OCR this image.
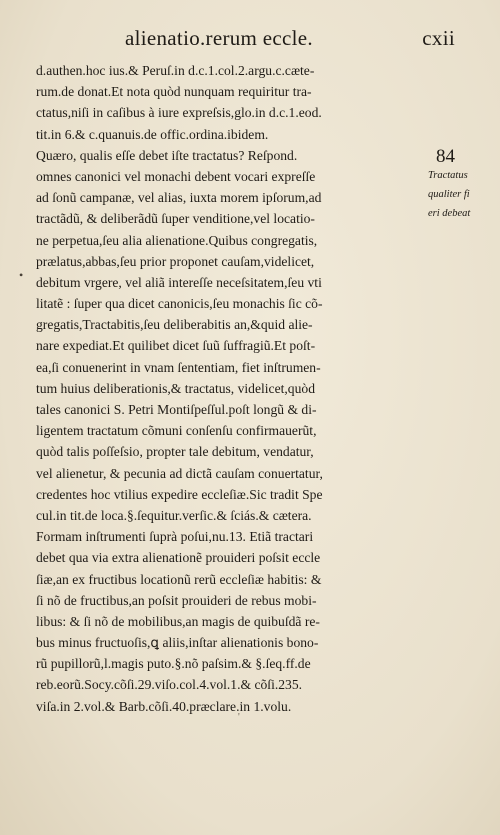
alienatio.rerum eccle.	cxii
84
Tractatus
qualiter fi
eri debeat
•
d.authen.hoc ius.& Peruſ.in d.c.1.col.2.argu.c.cæte-
rum.de donat.Et nota quòd nunquam requiritur tra-
ctatus,niſi in caſibus à iure expreſsis,glo.in d.c.1.eod.
tit.in 6.& c.quanuis.de offic.ordina.ibidem.
Quæro, qualis eſſe debet iſte tractatus? Reſpond.
omnes canonici vel monachi debent vocari expreſſe
ad ſonũ campanæ, vel alias, iuxta morem ipſorum,ad
tractãdũ, & deliberãdũ ſuper venditione,vel locatio-
ne perpetua,ſeu alia alienatione.Quibus congregatis,
prælatus,abbas,ſeu prior proponet cauſam,videlicet,
debitum vrgere, vel aliã intereſſe neceſsitatem,ſeu vti
litatẽ : ſuper qua dicet canonicis,ſeu monachis ſic cõ-
gregatis,Tractabitis,ſeu deliberabitis an,&quid alie-
nare expediat.Et quilibet dicet ſuũ ſuffragiũ.Et poſt-
ea,ſi conuenerint in vnam ſententiam, fiet inſtrumen-
tum huius deliberationis,& tractatus, videlicet,quòd
tales canonici S. Petri Montiſpeſſul.poſt longũ & di-
ligentem tractatum cõmuni conſenſu confirmauerũt,
quòd talis poſſeſsio, propter tale debitum, vendatur,
vel alienetur, & pecunia ad dictã cauſam conuertatur,
credentes hoc vtilius expedire eccleſiæ.Sic tradit Spe
cul.in tit.de loca.§.ſequitur.verſic.& ſciás.& cætera.
Formam inſtrumenti ſuprà poſui,nu.13. Etiã tractari
debet qua via extra alienationẽ prouideri poſsit eccle
ſiæ,an ex fructibus locationũ rerũ eccleſiæ habitis: &
ſi nõ de fructibus,an poſsit prouideri de rebus mobi-
libus: & ſi nõ de mobilibus,an magis de quibuſdã re-
bus minus fructuoſis,ꝗ aliis,inſtar alienationis bono-
rũ pupillorũ,l.magis puto.§.nõ paſsim.& §.ſeq.ff.de
reb.eorũ.Socy.cõſi.29.viſo.col.4.vol.1.& cõſi.235.
viſa.in 2.vol.& Barb.cõſi.40.præclare.in 1.volu.
'
